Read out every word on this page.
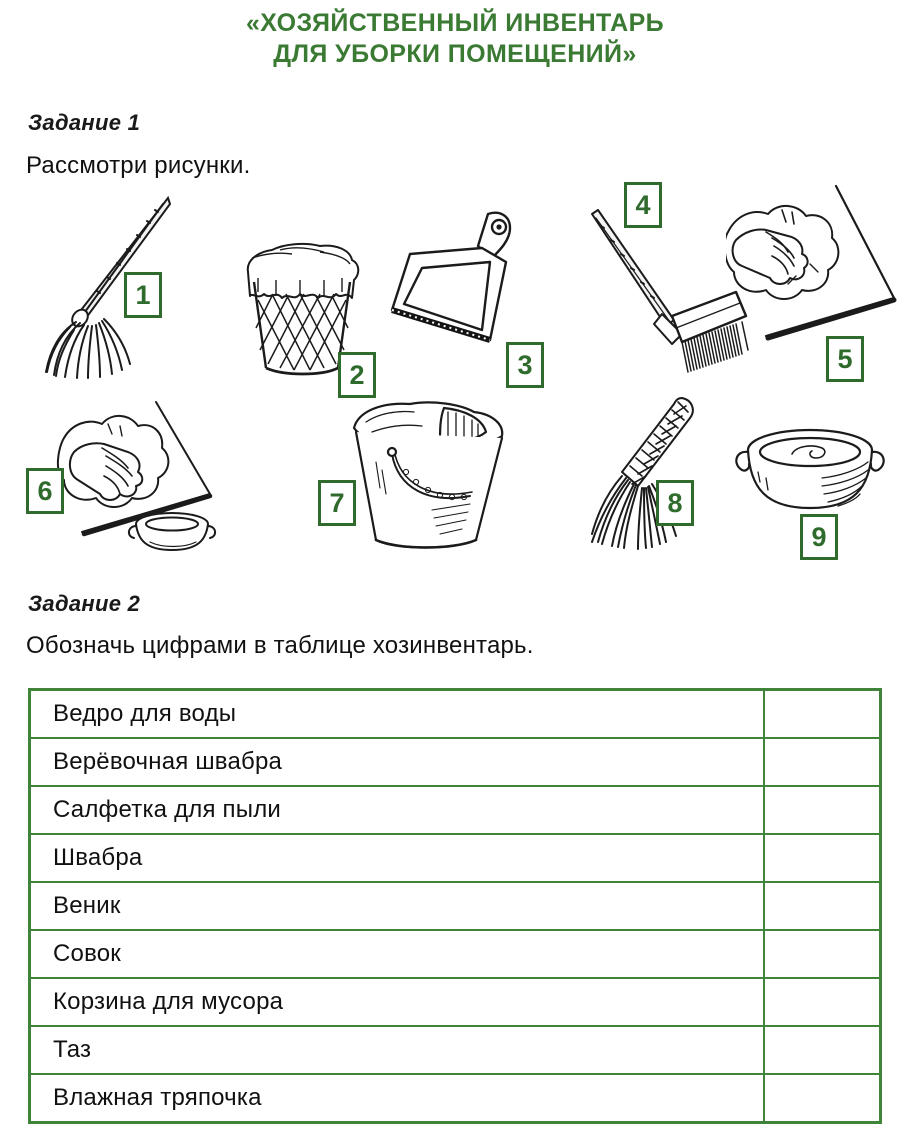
«ХОЗЯЙСТВЕННЫЙ ИНВЕНТАРЬ
ДЛЯ УБОРКИ ПОМЕЩЕНИЙ»
Задание 1
Рассмотри рисунки.
1
2	3
4
5
6	7	8
9
Задание 2
Обозначь цифрами в таблице хозинвентарь.
Ведро для воды	
Верёвочная швабра	
Салфетка для пыли	
Швабра	
Веник	
Совок	
Корзина для мусора	
Таз	
Влажная тряпочка	
